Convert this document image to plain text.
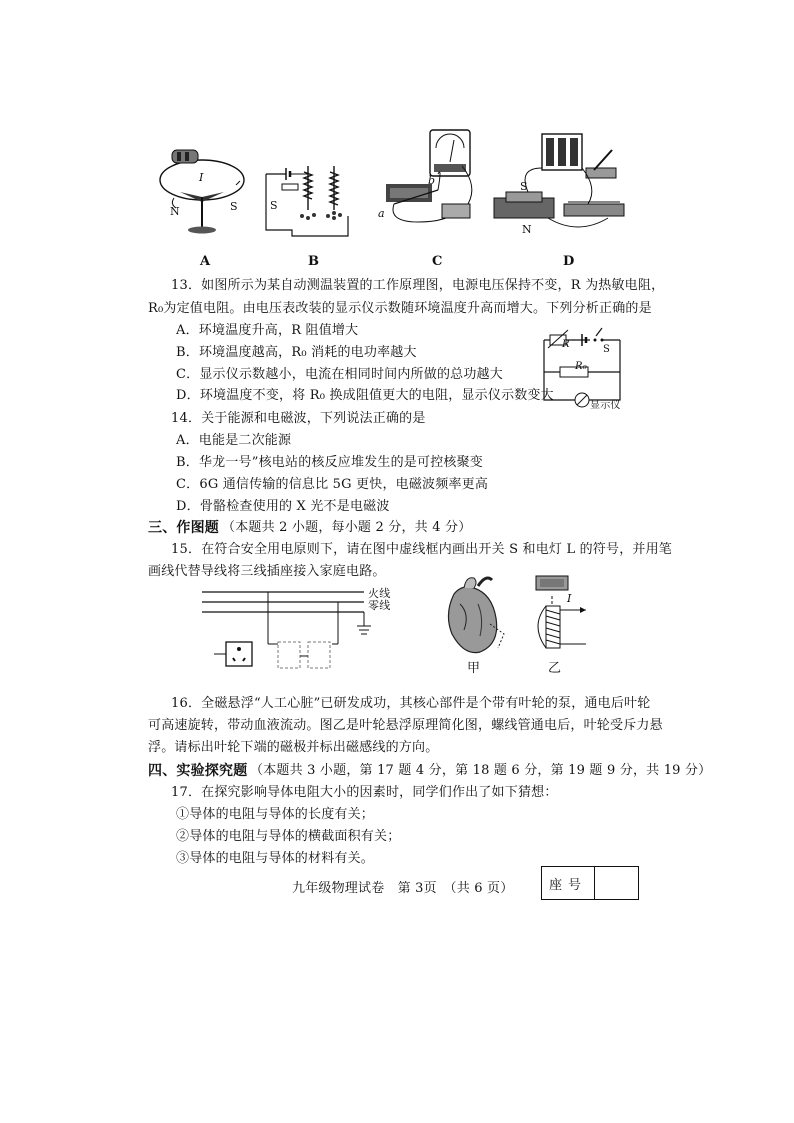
I
N	S	S
a
b	S
N
A	B	C	D
13．如图所示为某自动测温装置的工作原理图，电源电压保持不变，R 为热敏电阻，
R₀为定值电阻。由电压表改装的显示仪示数随环境温度升高而增大。下列分析正确的是
A．环境温度升高，R 阻值增大
B．环境温度越高，R₀ 消耗的电功率越大
C．显示仪示数越小，电流在相同时间内所做的总功越大
D．环境温度不变，将 R₀ 换成阻值更大的电阻，显示仪示数变大
R	S
R₀
显示仪
14．关于能源和电磁波，下列说法正确的是
A．电能是二次能源
B．华龙一号”核电站的核反应堆发生的是可控核聚变
C．6G 通信传输的信息比 5G 更快，电磁波频率更高
D．骨骼检查使用的 X 光不是电磁波
三、作图题 （本题共 2 小题，每小题 2 分，共 4 分）
15．在符合安全用电原则下，请在图中虚线框内画出开关 S 和电灯 L 的符号，并用笔
画线代替导线将三线插座接入家庭电路。
火线
零线
甲
I
乙
16．全磁悬浮“人工心脏”已研发成功，其核心部件是个带有叶轮的泵，通电后叶轮
可高速旋转，带动血液流动。图乙是叶轮悬浮原理简化图，螺线管通电后，叶轮受斥力悬
浮。请标出叶轮下端的磁极并标出磁感线的方向。
四、实验探究题 （本题共 3 小题，第 17 题 4 分，第 18 题 6 分，第 19 题 9 分，共 19 分）
17．在探究影响导体电阻大小的因素时，同学们作出了如下猜想：
①导体的电阻与导体的长度有关；
②导体的电阻与导体的横截面积有关；
③导体的电阻与导体的材料有关。
九年级物理试卷　第 3页　（共 6 页）	座号
